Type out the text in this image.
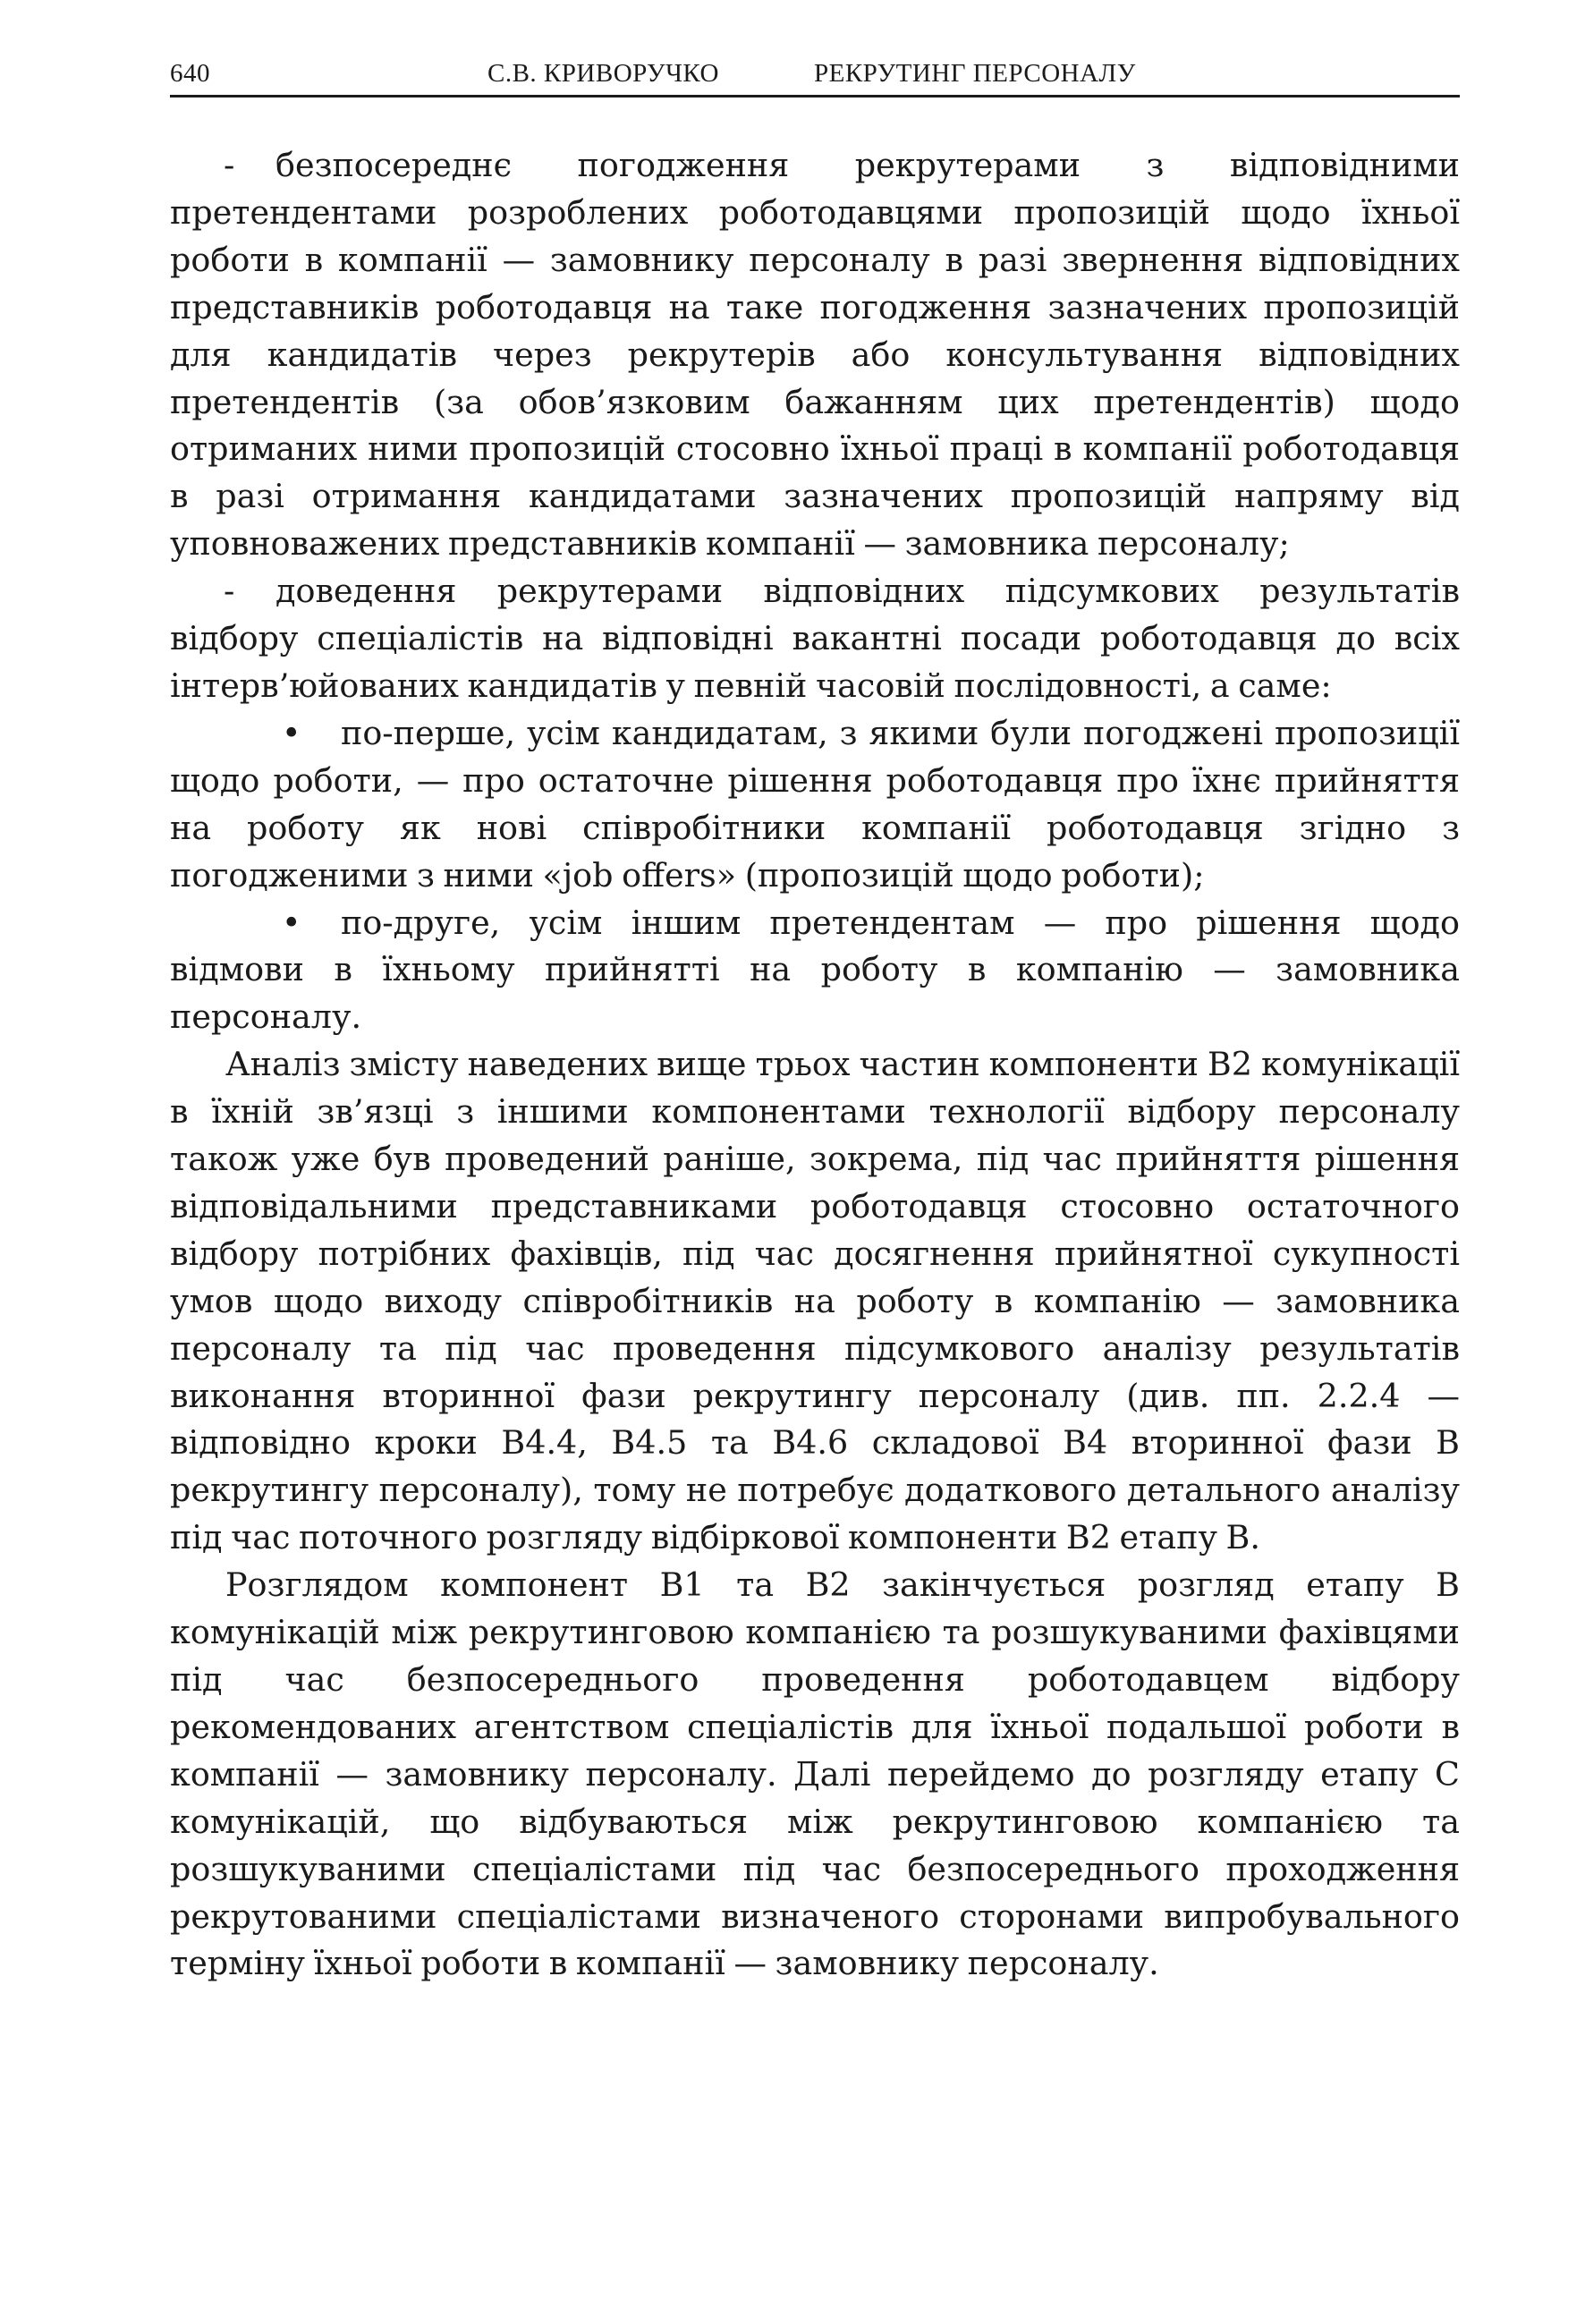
640	С.В. КРИВОРУЧКО	РЕКРУТИНГ ПЕРСОНАЛУ

- безпосереднє погодження рекрутерами з відповідними претендентами розроблених роботодавцями пропозицій щодо їхньої роботи в компанії — замовнику персоналу в разі звернення відповідних представників роботодавця на таке погодження зазначених пропозицій для кандидатів через рекрутерів або консультування відповідних претендентів (за обов’язковим бажанням цих претендентів) щодо отриманих ними пропозицій стосовно їхньої праці в компанії роботодавця в разі отримання кандидатами зазначених пропозицій напряму від уповноважених представників компанії — замовника персоналу;

- доведення рекрутерами відповідних підсумкових результатів відбору спеціалістів на відповідні вакантні посади роботодавця до всіх інтерв’юйованих кандидатів у певній часовій послідовності, а саме:

• по-перше, усім кандидатам, з якими були погоджені пропозиції щодо роботи, — про остаточне рішення роботодавця про їхнє прийняття на роботу як нові співробітники компанії роботодавця згідно з погодженими з ними «job offers» (пропозицій щодо роботи);

• по-друге, усім іншим претендентам — про рішення щодо відмови в їхньому прийнятті на роботу в компанію — замовника персоналу.

Аналіз змісту наведених вище трьох частин компоненти B2 комунікації в їхній зв’язці з іншими компонентами технології відбору персоналу також уже був проведений раніше, зокрема, під час прийняття рішення відповідальними представниками роботодавця стосовно остаточного відбору потрібних фахівців, під час досягнення прийнятної сукупності умов щодо виходу співробітників на роботу в компанію — замовника персоналу та під час проведення підсумкового аналізу результатів виконання вторинної фази рекрутингу персоналу (див. пп. 2.2.4 — відповідно кроки B4.4, B4.5 та B4.6 складової B4 вторинної фази B рекрутингу персоналу), тому не потребує додаткового детального аналізу під час поточного розгляду відбіркової компоненти B2 етапу B.

Розглядом компонент B1 та B2 закінчується розгляд етапу B комунікацій між рекрутинговою компанією та розшукуваними фахівцями під час безпосереднього проведення роботодавцем відбору рекомендованих агентством спеціалістів для їхньої подальшої роботи в компанії — замовнику персоналу. Далі перейдемо до розгляду етапу C комунікацій, що відбуваються між рекрутинговою компанією та розшукуваними спеціалістами під час безпосереднього проходження рекрутованими спеціалістами визначеного сторонами випробувального терміну їхньої роботи в компанії — замовнику персоналу.
